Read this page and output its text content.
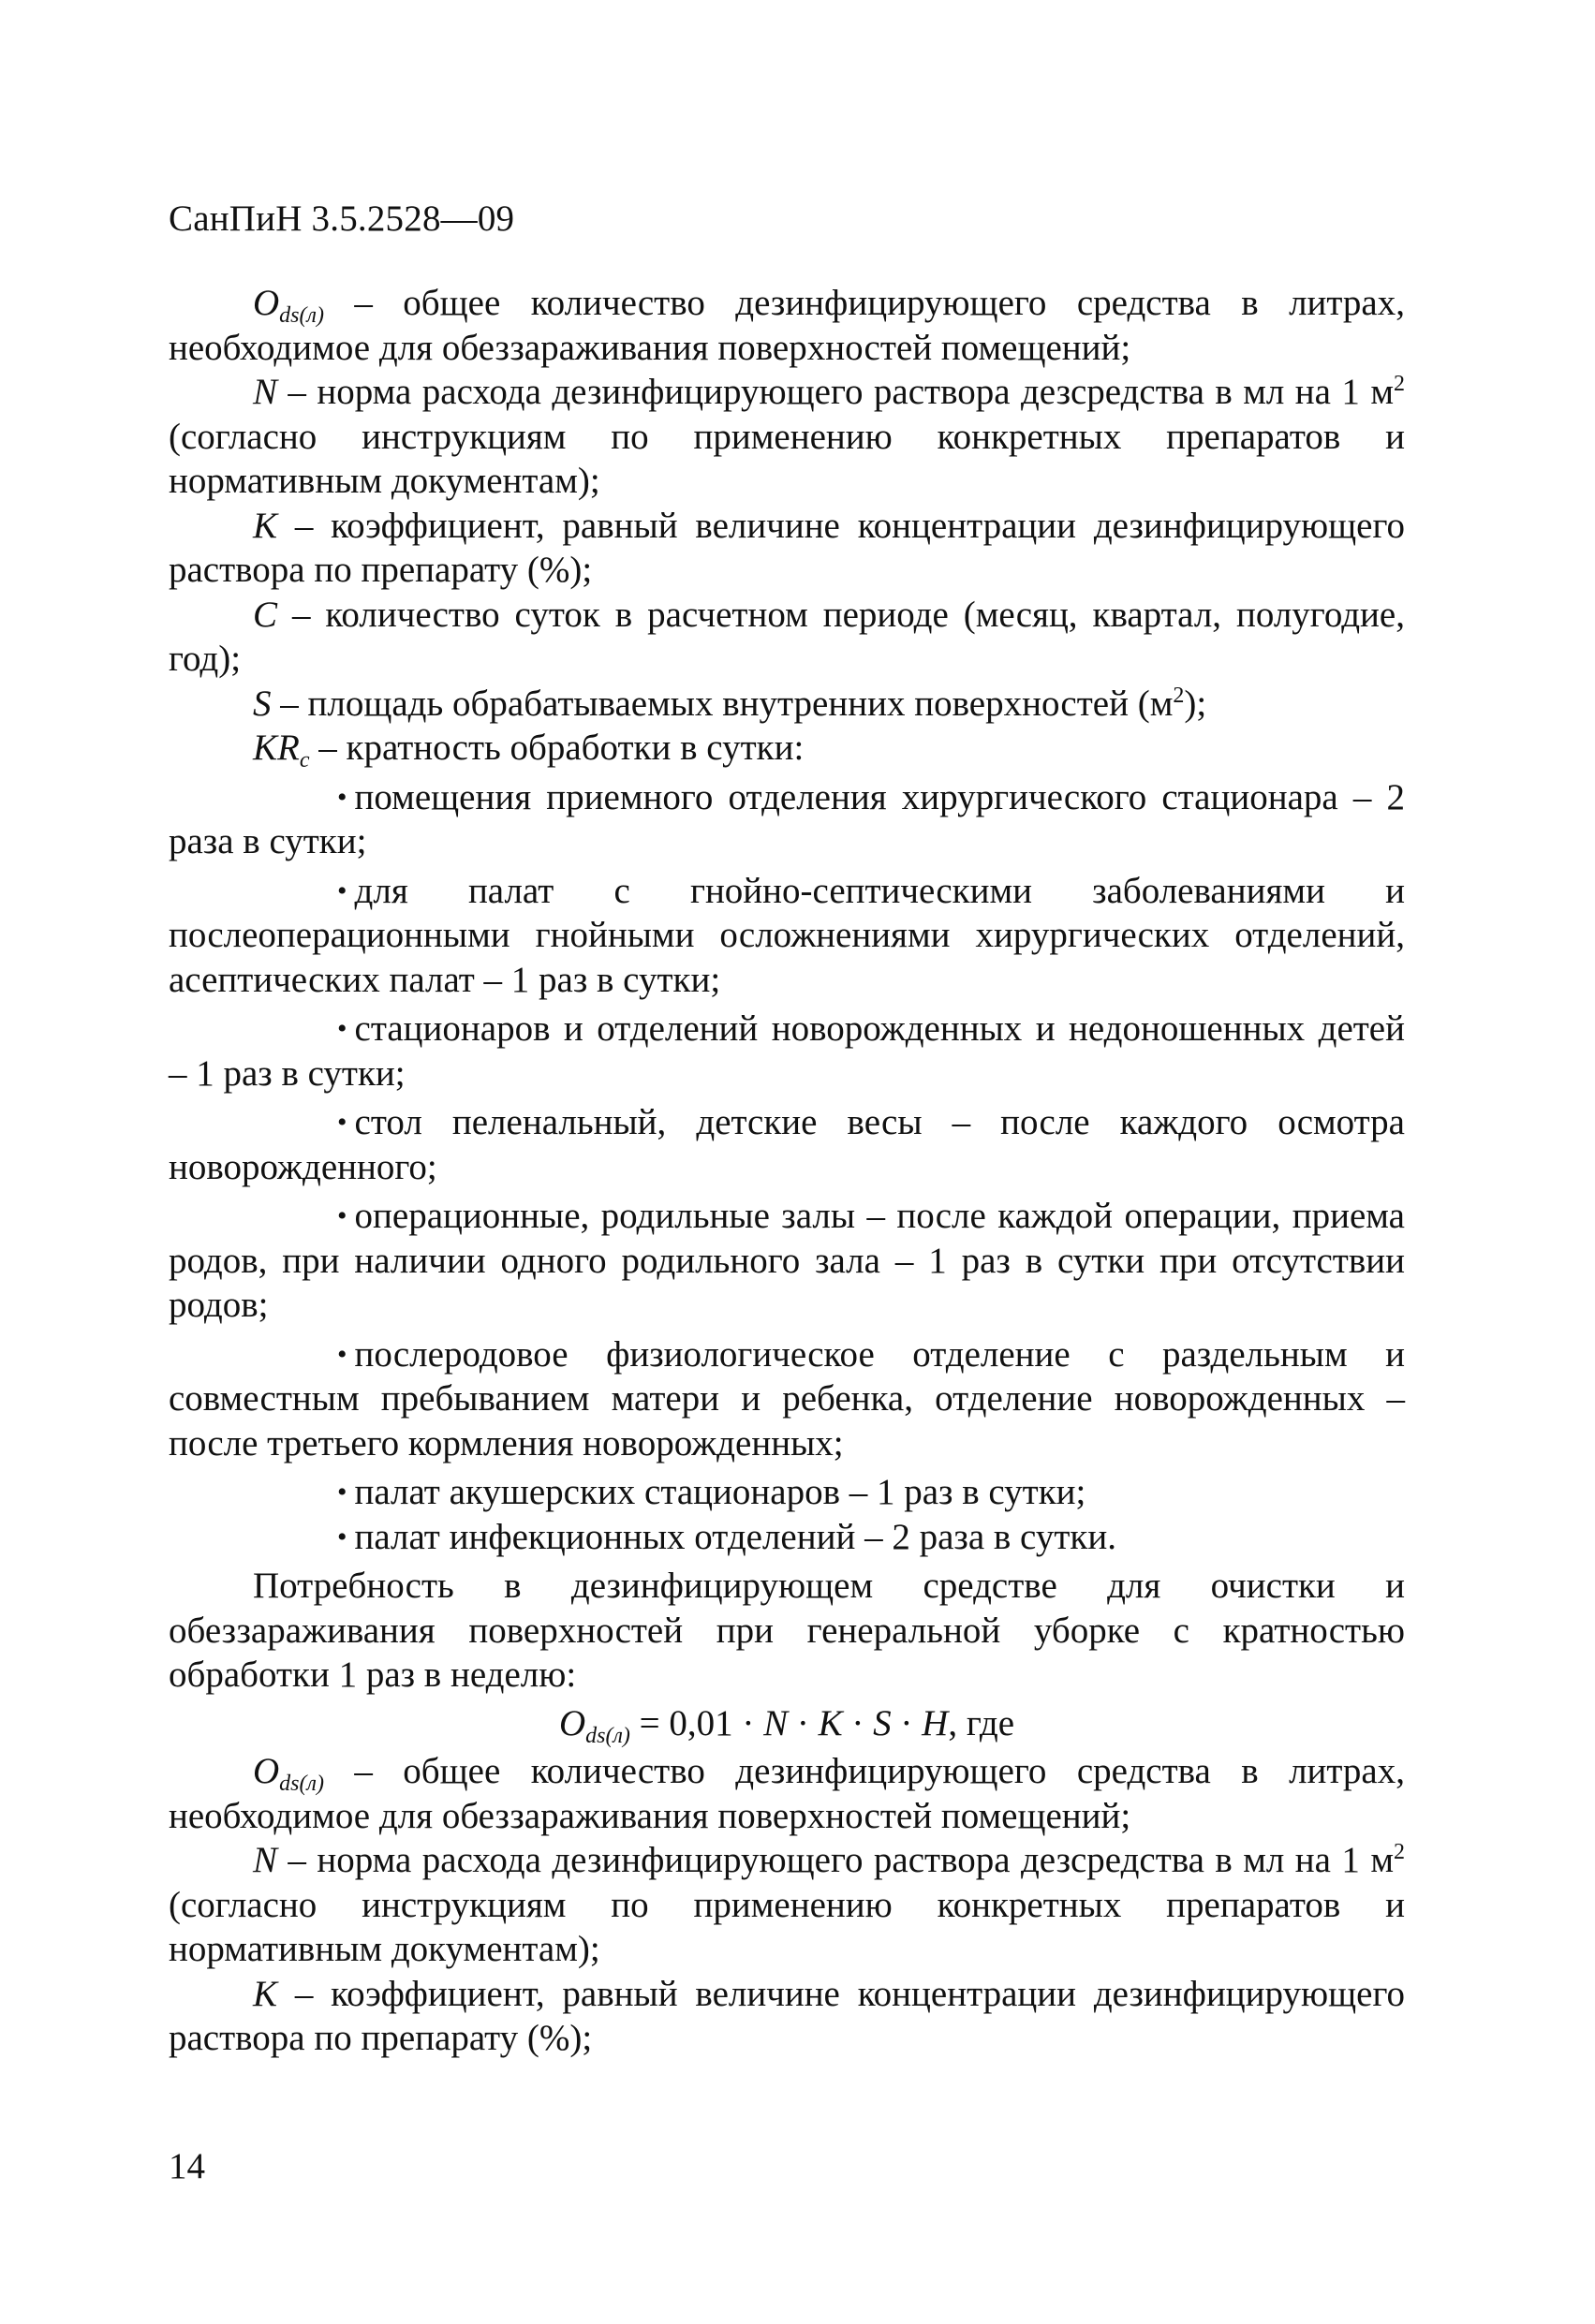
СанПиН 3.5.2528—09

$O_{ds(л)}$ – общее количество дезинфицирующего средства в литрах, необходимое для обеззараживания поверхностей помещений;

N – норма расхода дезинфицирующего раствора дезсредства в мл на 1 $м^2$ (согласно инструкциям по применению конкретных препаратов и нормативным документам);

K – коэффициент, равный величине концентрации дезинфицирующего раствора по препарату (%);

C – количество суток в расчетном периоде (месяц, квартал, полугодие, год);

S – площадь обрабатываемых внутренних поверхностей $(м^2)$;

$KR_c$ – кратность обработки в сутки:

• помещения приемного отделения хирургического стационара – 2 раза в сутки;

• для палат с гнойно-септическими заболеваниями и послеоперационными гнойными осложнениями хирургических отделений, асептических палат – 1 раз в сутки;

• стационаров и отделений новорожденных и недоношенных детей – 1 раз в сутки;

• стол пеленальный, детские весы – после каждого осмотра новорожденного;

• операционные, родильные залы – после каждой операции, приема родов, при наличии одного родильного зала – 1 раз в сутки при отсутствии родов;

• послеродовое физиологическое отделение с раздельным и совместным пребыванием матери и ребенка, отделение новорожденных – после третьего кормления новорожденных;

• палат акушерских стационаров – 1 раз в сутки;

• палат инфекционных отделений – 2 раза в сутки.

Потребность в дезинфицирующем средстве для очистки и обеззараживания поверхностей при генеральной уборке с кратностью обработки 1 раз в неделю:

$O_{ds(л)} = 0,01 \cdot N \cdot K \cdot S \cdot H$, где

$O_{ds(л)}$ – общее количество дезинфицирующего средства в литрах, необходимое для обеззараживания поверхностей помещений;

N – норма расхода дезинфицирующего раствора дезсредства в мл на 1 $м^2$ (согласно инструкциям по применению конкретных препаратов и нормативным документам);

K – коэффициент, равный величине концентрации дезинфицирующего раствора по препарату (%);

14
